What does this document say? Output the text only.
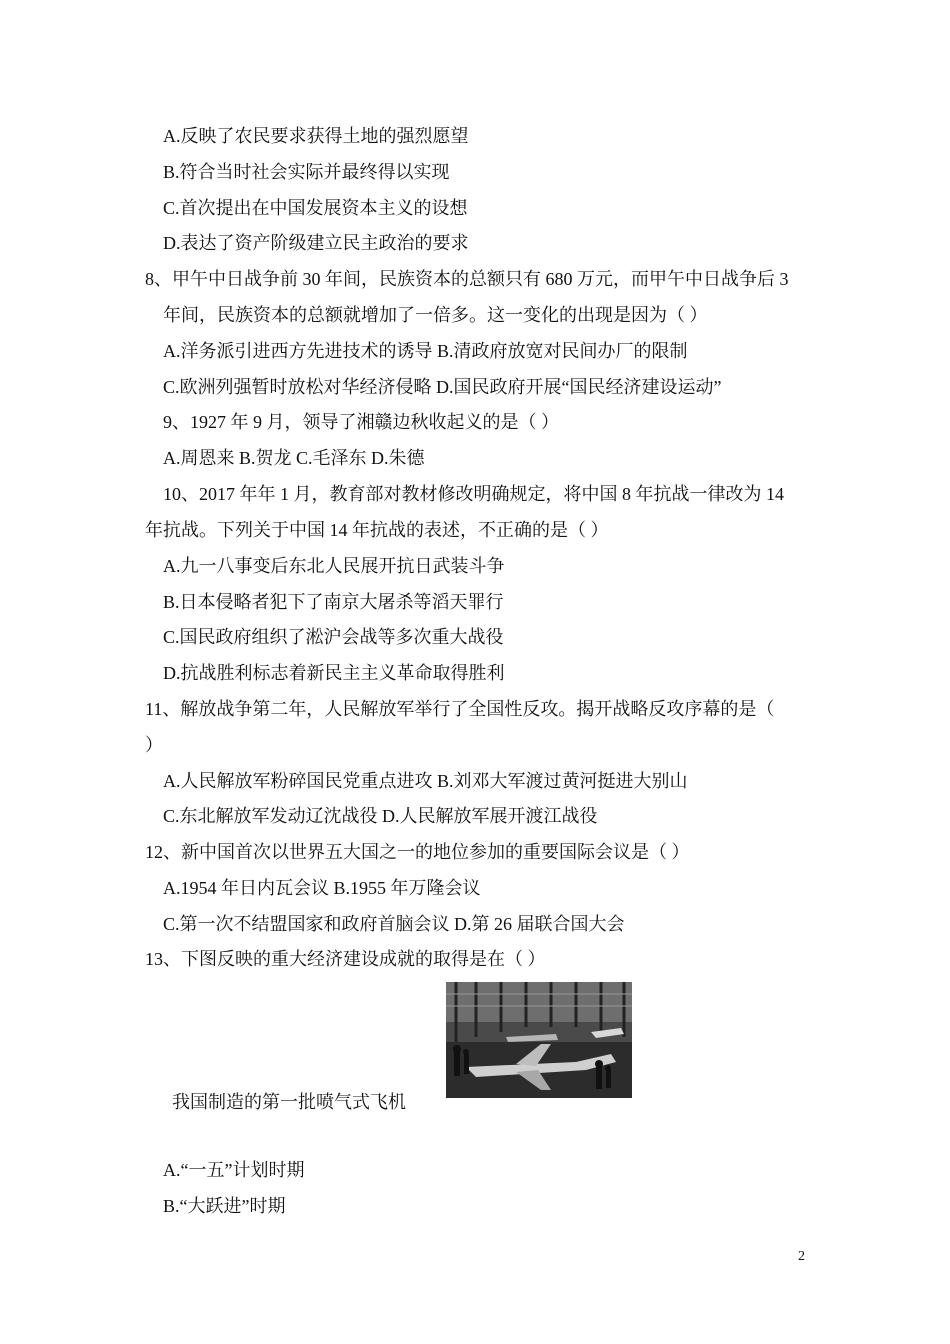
A.反映了农民要求获得土地的强烈愿望
B.符合当时社会实际并最终得以实现
C.首次提出在中国发展资本主义的设想
D.表达了资产阶级建立民主政治的要求
8、甲午中日战争前 30 年间，民族资本的总额只有 680 万元，而甲午中日战争后 3
年间，民族资本的总额就增加了一倍多。这一变化的出现是因为（ ）
A.洋务派引进西方先进技术的诱导 B.清政府放宽对民间办厂的限制
C.欧洲列强暂时放松对华经济侵略 D.国民政府开展“国民经济建设运动”
9、1927 年 9 月，领导了湘赣边秋收起义的是（ ）
A.周恩来 B.贺龙 C.毛泽东 D.朱德
10、2017 年年 1 月，教育部对教材修改明确规定，将中国 8 年抗战一律改为 14
年抗战。下列关于中国 14 年抗战的表述，不正确的是（ ）
A.九一八事变后东北人民展开抗日武装斗争
B.日本侵略者犯下了南京大屠杀等滔天罪行
C.国民政府组织了淞沪会战等多次重大战役
D.抗战胜利标志着新民主主义革命取得胜利
11、解放战争第二年，人民解放军举行了全国性反攻。揭开战略反攻序幕的是（
）
A.人民解放军粉碎国民党重点进攻 B.刘邓大军渡过黄河挺进大别山
C.东北解放军发动辽沈战役 D.人民解放军展开渡江战役
12、新中国首次以世界五大国之一的地位参加的重要国际会议是（ ）
A.1954 年日内瓦会议 B.1955 年万隆会议
C.第一次不结盟国家和政府首脑会议 D.第 26 届联合国大会
13、下图反映的重大经济建设成就的取得是在（ ）
我国制造的第一批喷气式飞机
A.“一五”计划时期
B.“大跃进”时期
2
